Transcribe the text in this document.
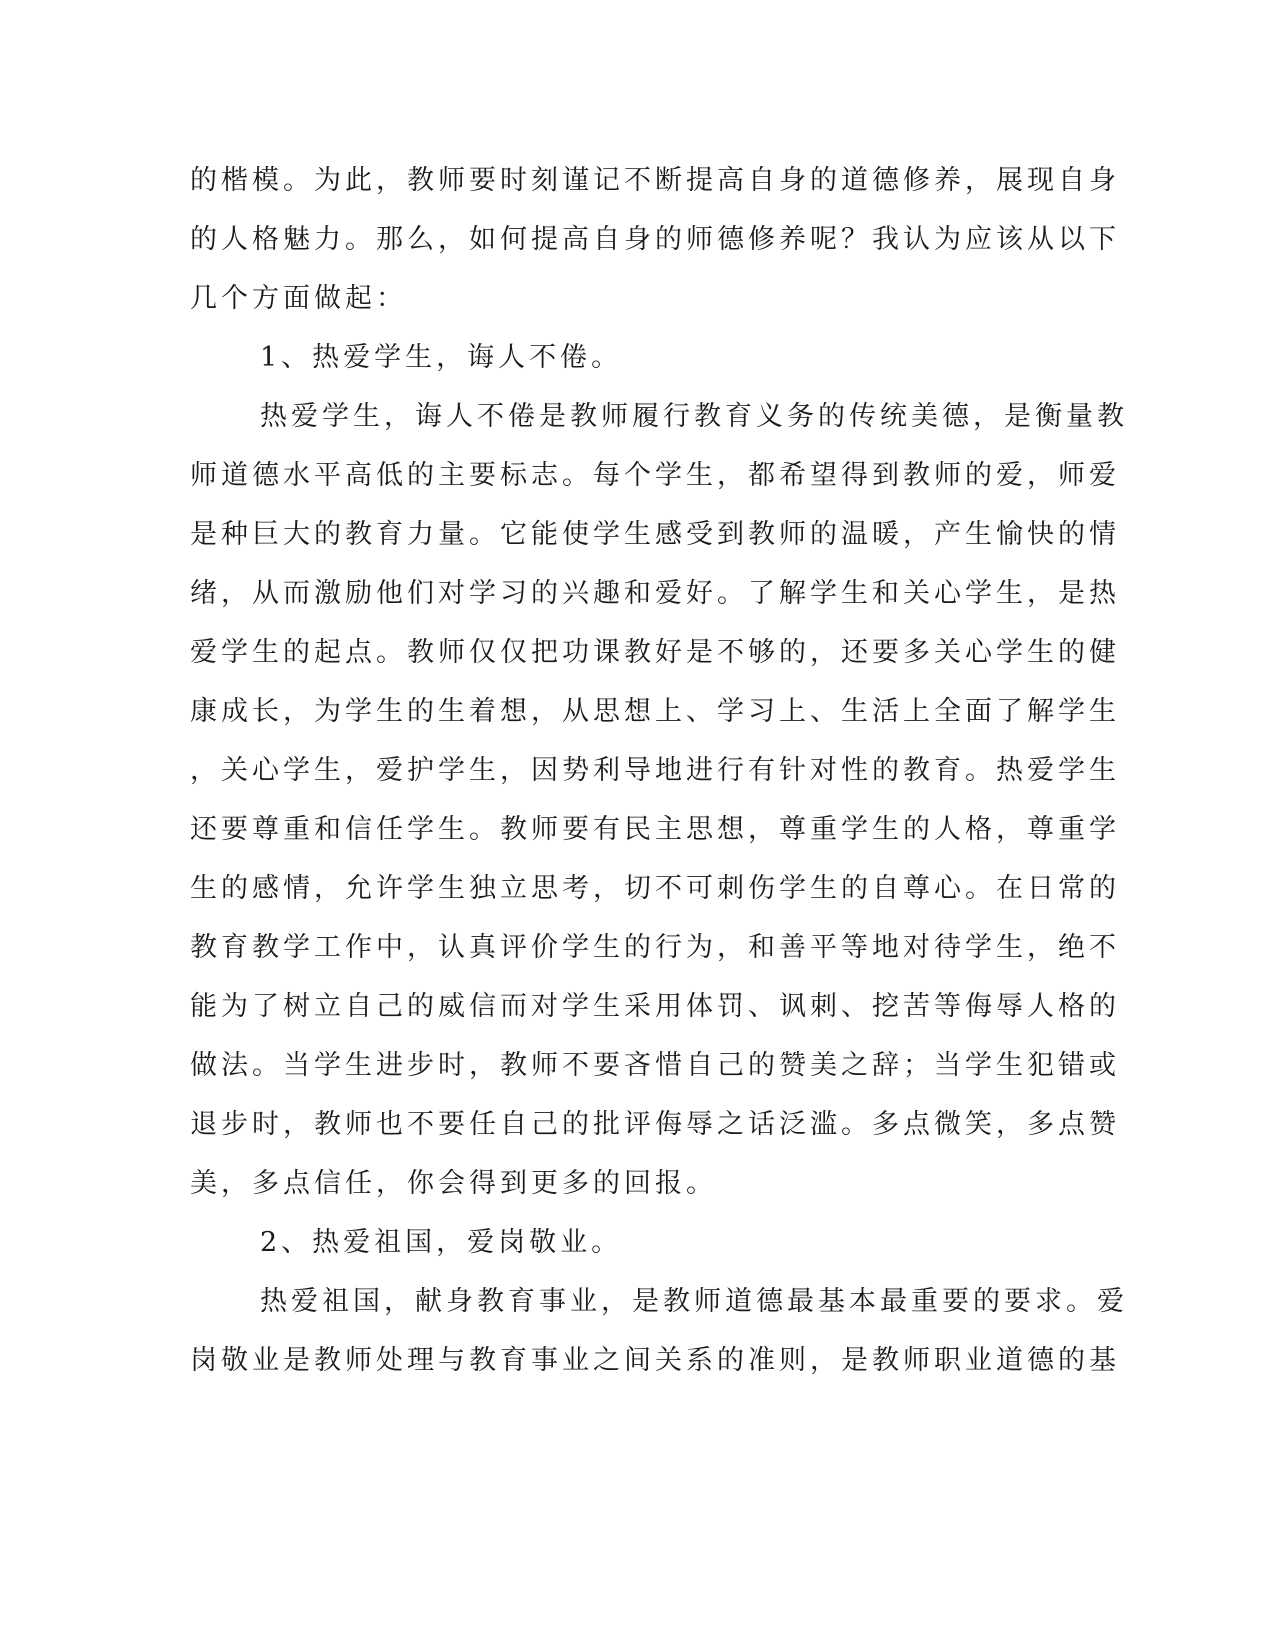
的楷模。为此，教师要时刻谨记不断提高自身的道德修养，展现自身
的人格魅力。那么，如何提高自身的师德修养呢？我认为应该从以下
几个方面做起：
1、热爱学生，诲人不倦。
热爱学生，诲人不倦是教师履行教育义务的传统美德，是衡量教
师道德水平高低的主要标志。每个学生，都希望得到教师的爱，师爱
是种巨大的教育力量。它能使学生感受到教师的温暖，产生愉快的情
绪，从而激励他们对学习的兴趣和爱好。了解学生和关心学生，是热
爱学生的起点。教师仅仅把功课教好是不够的，还要多关心学生的健
康成长，为学生的生着想，从思想上、学习上、生活上全面了解学生
，关心学生，爱护学生，因势利导地进行有针对性的教育。热爱学生
还要尊重和信任学生。教师要有民主思想，尊重学生的人格，尊重学
生的感情，允许学生独立思考，切不可刺伤学生的自尊心。在日常的
教育教学工作中，认真评价学生的行为，和善平等地对待学生，绝不
能为了树立自己的威信而对学生采用体罚、讽刺、挖苦等侮辱人格的
做法。当学生进步时，教师不要吝惜自己的赞美之辞；当学生犯错或
退步时，教师也不要任自己的批评侮辱之话泛滥。多点微笑，多点赞
美，多点信任，你会得到更多的回报。
2、热爱祖国，爱岗敬业。
热爱祖国，献身教育事业，是教师道德最基本最重要的要求。爱
岗敬业是教师处理与教育事业之间关系的准则，是教师职业道德的基
